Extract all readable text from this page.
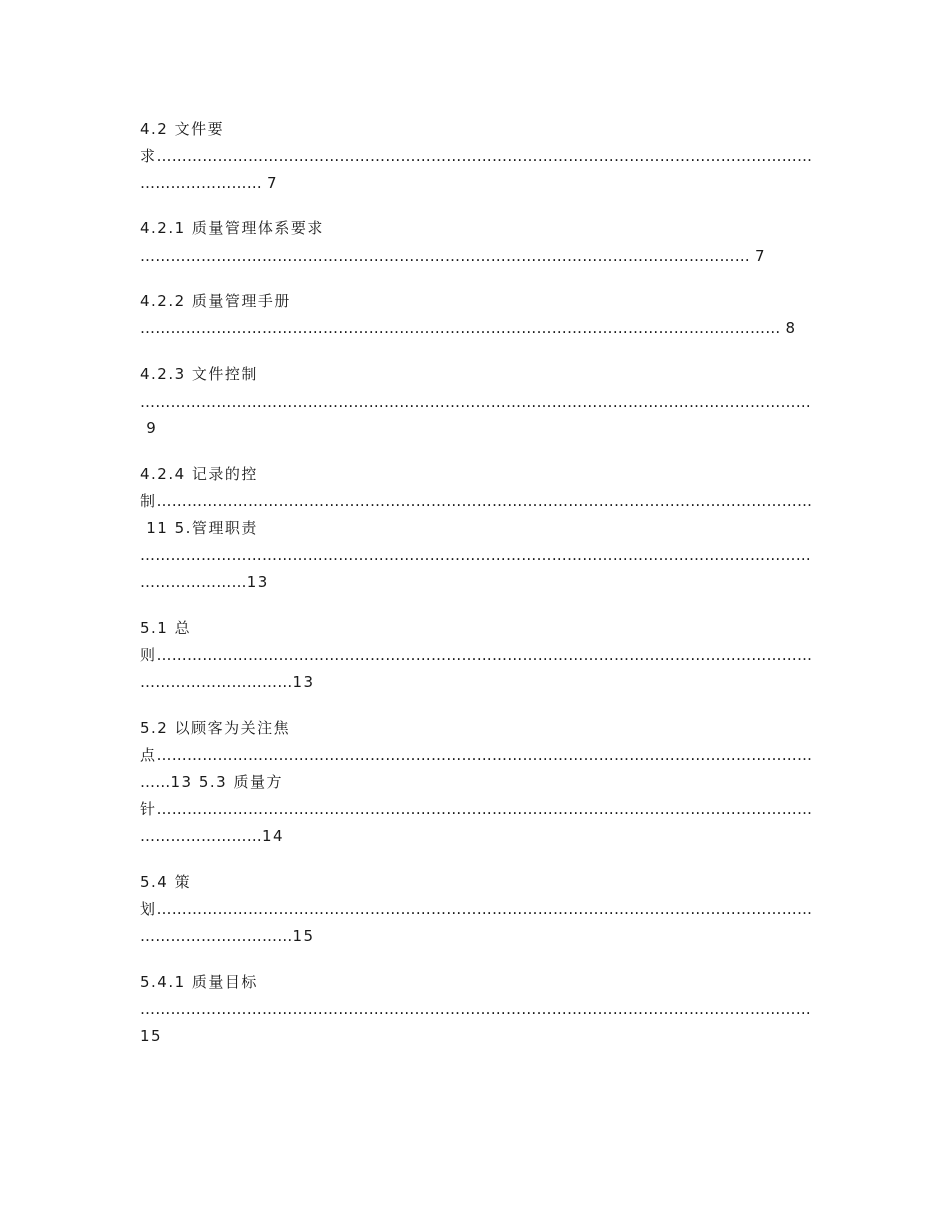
4.2 文件要
求…………………………………………………………………………………………………………………
…………………… 7
4.2.1 质量管理体系要求
………………………………………………………………………………………………………… 7
4.2.2 质量管理手册
……………………………………………………………………………………………………………… 8
4.2.3 文件控制
……………………………………………………………………………………………………………………
9
4.2.4 记录的控
制…………………………………………………………………………………………………………………
11 5.管理职责
……………………………………………………………………………………………………………………
…………………13
5.1 总
则…………………………………………………………………………………………………………………
…………………………13
5.2 以顾客为关注焦
点…………………………………………………………………………………………………………………
……13 5.3 质量方
针…………………………………………………………………………………………………………………
……………………14
5.4 策
划…………………………………………………………………………………………………………………
…………………………15
5.4.1 质量目标
……………………………………………………………………………………………………………………
15
